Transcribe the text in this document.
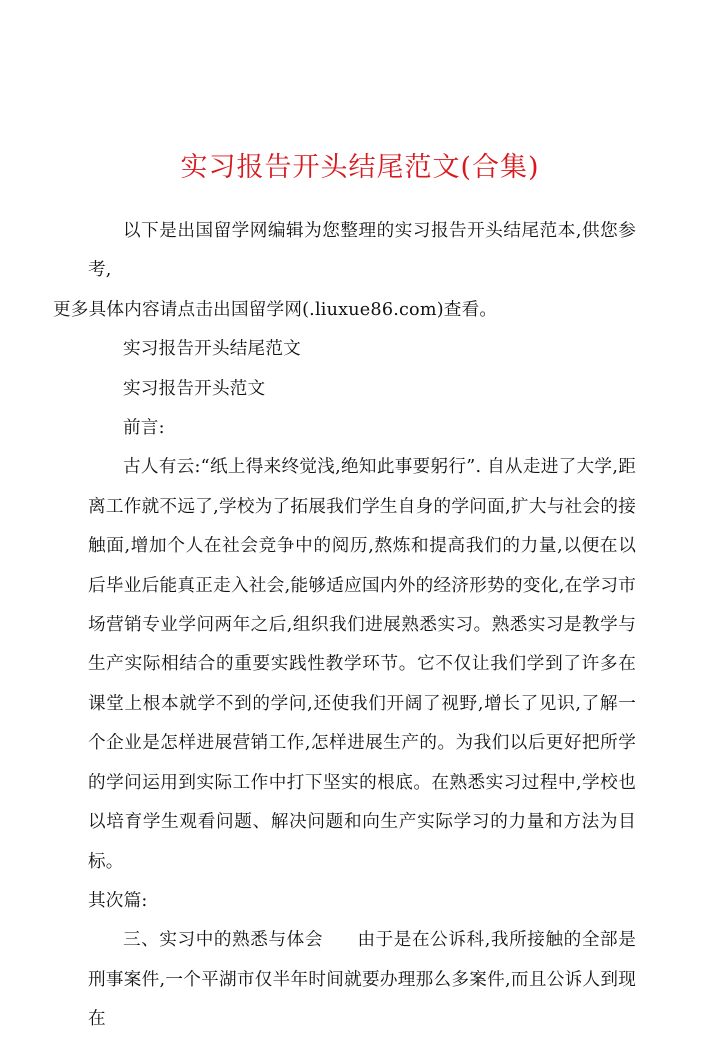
实习报告开头结尾范文(合集)

以下是出国留学网编辑为您整理的实习报告开头结尾范本,供您参考,
更多具体内容请点击出国留学网(.liuxue86.com)查看。

实习报告开头结尾范文

实习报告开头范文

前言:

古人有云:“纸上得来终觉浅,绝知此事要躬行”. 自从走进了大学,距离工作就不远了,学校为了拓展我们学生自身的学问面,扩大与社会的接触面,增加个人在社会竞争中的阅历,熬炼和提高我们的力量,以便在以后毕业后能真正走入社会,能够适应国内外的经济形势的变化,在学习市场营销专业学问两年之后,组织我们进展熟悉实习。熟悉实习是教学与生产实际相结合的重要实践性教学环节。它不仅让我们学到了许多在课堂上根本就学不到的学问,还使我们开阔了视野,增长了见识,了解一个企业是怎样进展营销工作,怎样进展生产的。为我们以后更好把所学的学问运用到实际工作中打下坚实的根底。在熟悉实习过程中,学校也以培育学生观看问题、解决问题和向生产实际学习的力量和方法为目标。

其次篇:

三、实习中的熟悉与体会 由于是在公诉科,我所接触的全部是刑事案件,一个平湖市仅半年时间就要办理那么多案件,而且公诉人到现在
